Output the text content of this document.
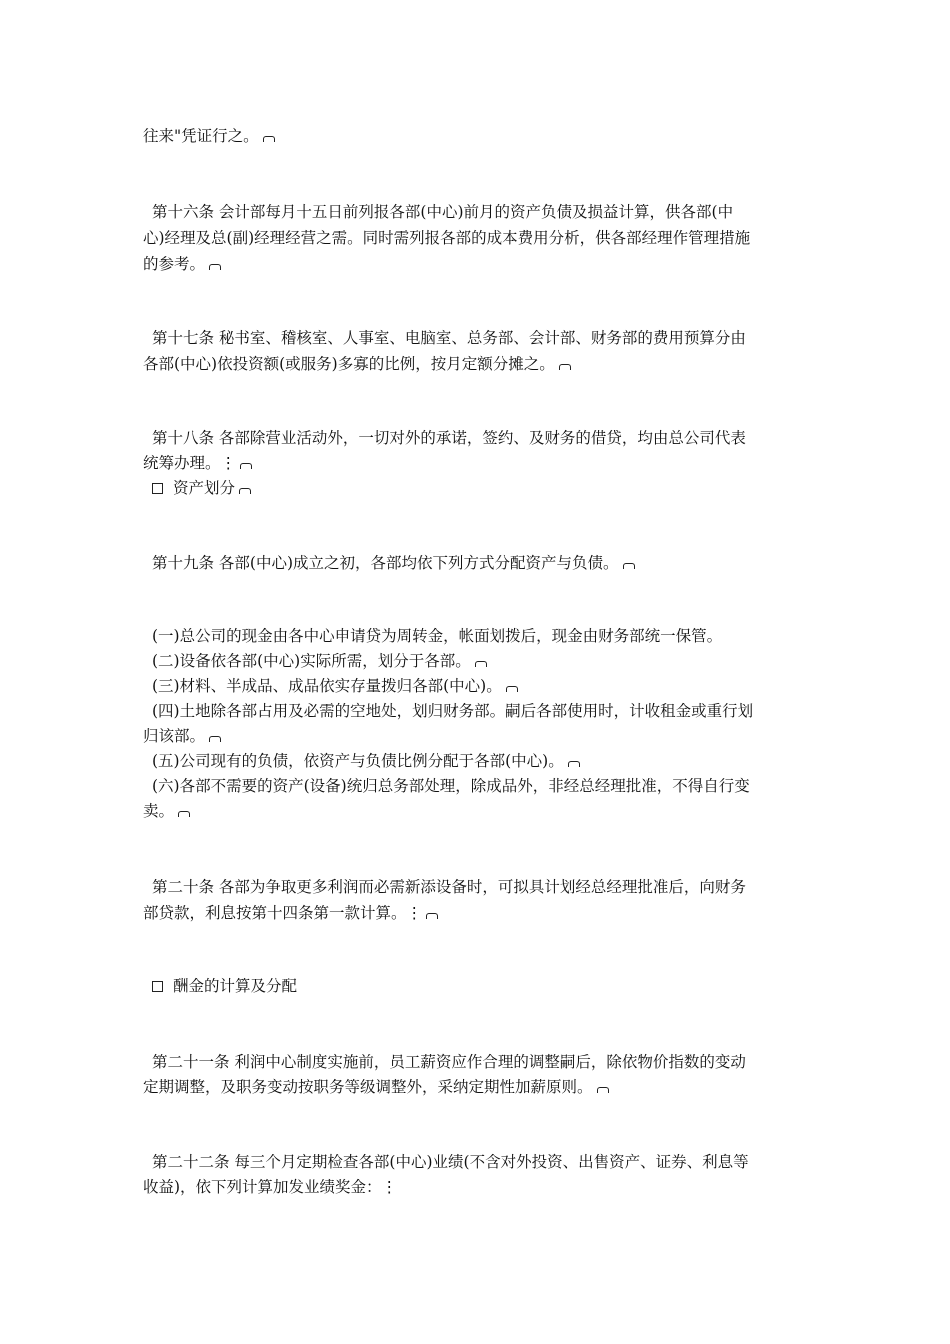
往来"凭证行之。
第十六条 会计部每月十五日前列报各部(中心)前月的资产负债及损益计算，供各部(中
心)经理及总(副)经理经营之需。同时需列报各部的成本费用分析，供各部经理作管理措施
的参考。
第十七条 秘书室、稽核室、人事室、电脑室、总务部、会计部、财务部的费用预算分由
各部(中心)依投资额(或服务)多寡的比例，按月定额分摊之。
第十八条 各部除营业活动外，一切对外的承诺，签约、及财务的借贷，均由总公司代表
统筹办理。⋮
资产划分
第十九条 各部(中心)成立之初，各部均依下列方式分配资产与负债。
(一)总公司的现金由各中心申请贷为周转金，帐面划拨后，现金由财务部统一保管。
(二)设备依各部(中心)实际所需，划分于各部。
(三)材料、半成品、成品依实存量拨归各部(中心)。
(四)土地除各部占用及必需的空地处，划归财务部。嗣后各部使用时，计收租金或重行划
归该部。
(五)公司现有的负债，依资产与负债比例分配于各部(中心)。
(六)各部不需要的资产(设备)统归总务部处理，除成品外，非经总经理批准，不得自行变
卖。
第二十条 各部为争取更多利润而必需新添设备时，可拟具计划经总经理批准后，向财务
部贷款，利息按第十四条第一款计算。⋮
酬金的计算及分配
第二十一条 利润中心制度实施前，员工薪资应作合理的调整嗣后，除依物价指数的变动
定期调整，及职务变动按职务等级调整外，采纳定期性加薪原则。
第二十二条 每三个月定期检查各部(中心)业绩(不含对外投资、出售资产、证券、利息等
收益)，依下列计算加发业绩奖金：⋮
